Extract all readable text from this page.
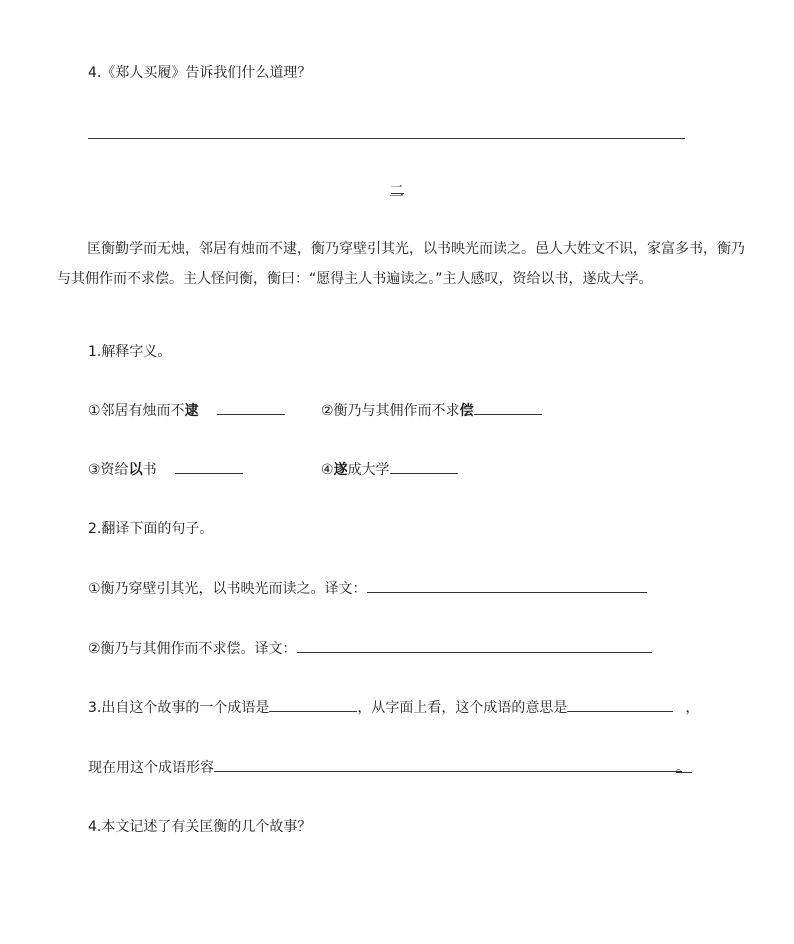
4.《郑人买履》告诉我们什么道理？
二
匡衡勤学而无烛，邻居有烛而不逮，衡乃穿壁引其光，以书映光而读之。邑人大姓文不识，家富多书，衡乃与其佣作而不求偿。主人怪问衡，衡曰：“愿得主人书遍读之。”主人感叹，资给以书，遂成大学。
1.解释字义。
①邻居有烛而不逮	②衡乃与其佣作而不求偿
③资给以书	④遂成大学
2.翻译下面的句子。
①衡乃穿壁引其光，以书映光而读之。译文：
②衡乃与其佣作而不求偿。译文：
3.出自这个故事的一个成语是	，从字面上看，这个成语的意思是	，
现在用这个成语形容	。
4.本文记述了有关匡衡的几个故事？
